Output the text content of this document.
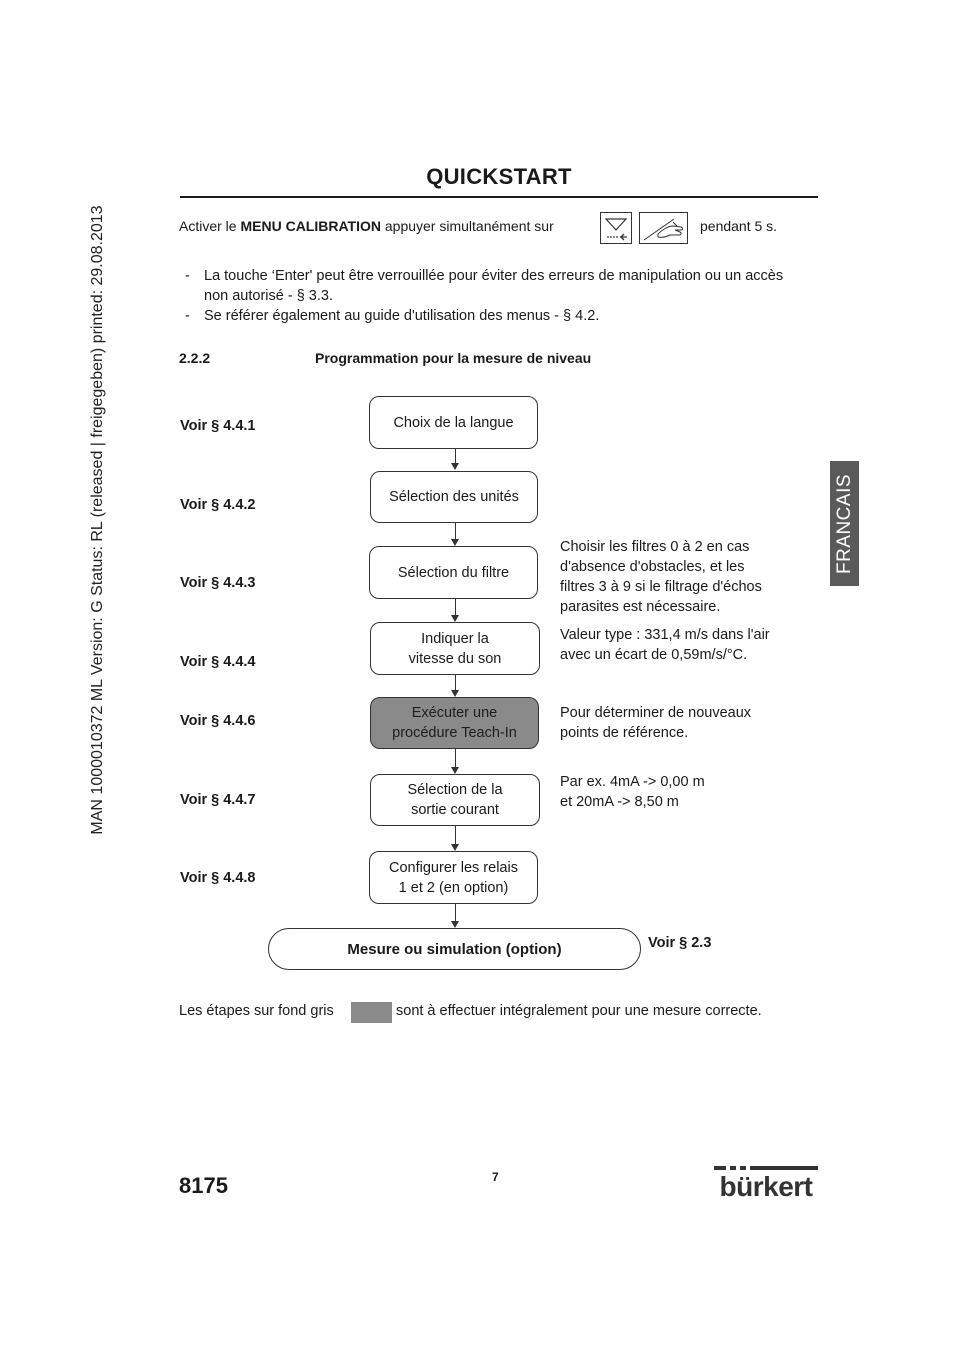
MAN 1000010372 ML Version: G Status: RL (released | freigegeben) printed: 29.08.2013
QUICKSTART
Activer le MENU CALIBRATION appuyer simultanément sur	pendant 5 s.
- La touche ‘Enter' peut être verrouillée pour éviter des erreurs de manipulation ou un accès non autorisé - § 3.3.
- Se référer également au guide d'utilisation des menus - § 4.2.
2.2.2	Programmation pour la mesure de niveau
Voir § 4.4.1
Voir § 4.4.2
Voir § 4.4.3
Voir § 4.4.4
Voir § 4.4.6
Voir § 4.4.7
Voir § 4.4.8
Choix de la langue
Sélection des unités
Sélection du filtre
Indiquer la
vitesse du son
Exécuter une
procédure Teach-In
Sélection de la
sortie courant
Configurer les relais
1 et 2 (en option)
Choisir les filtres 0 à 2 en cas
d'absence d'obstacles, et les
filtres 3 à 9 si le filtrage d'échos
parasites est nécessaire.
Valeur type : 331,4 m/s dans l'air
avec un écart de 0,59m/s/°C.
Pour déterminer de nouveaux
points de référence.
Par ex. 4mA -> 0,00 m
et 20mA -> 8,50 m
Mesure ou simulation (option)	Voir § 2.3
Les étapes sur fond gris	sont à effectuer intégralement pour une mesure correcte.
FRANCAIS
8175	7	bürkert
